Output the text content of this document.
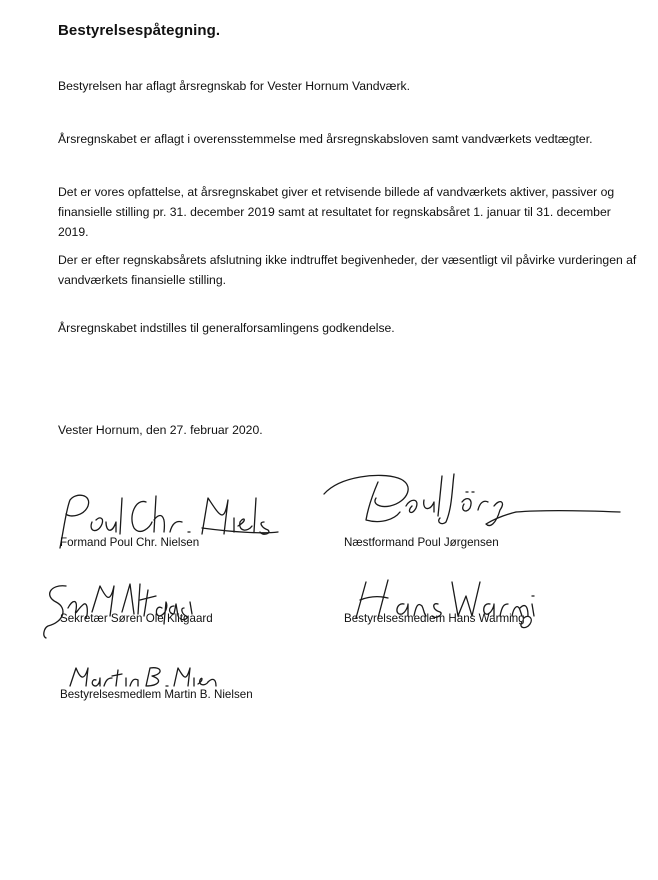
Bestyrelsespåtegning.
Bestyrelsen har aflagt årsregnskab for Vester Hornum Vandværk.
Årsregnskabet er aflagt i overensstemmelse med årsregnskabsloven samt vandværkets vedtægter.
Det er vores opfattelse, at årsregnskabet giver et retvisende billede af vandværkets aktiver, passiver og finansielle stilling pr. 31. december 2019 samt at resultatet for regnskabsåret 1. januar til 31. december 2019.
Der er efter regnskabsårets afslutning ikke indtruffet begivenheder, der væsentligt vil påvirke vurderingen af vandværkets finansielle stilling.
Årsregnskabet indstilles til generalforsamlingens godkendelse.
Vester Hornum, den 27. februar 2020.
Formand Poul Chr. Nielsen	Næstformand Poul Jørgensen
Sekretær Søren Ole Klitgaard	Bestyrelsesmedlem Hans Warming
Bestyrelsesmedlem Martin B. Nielsen
